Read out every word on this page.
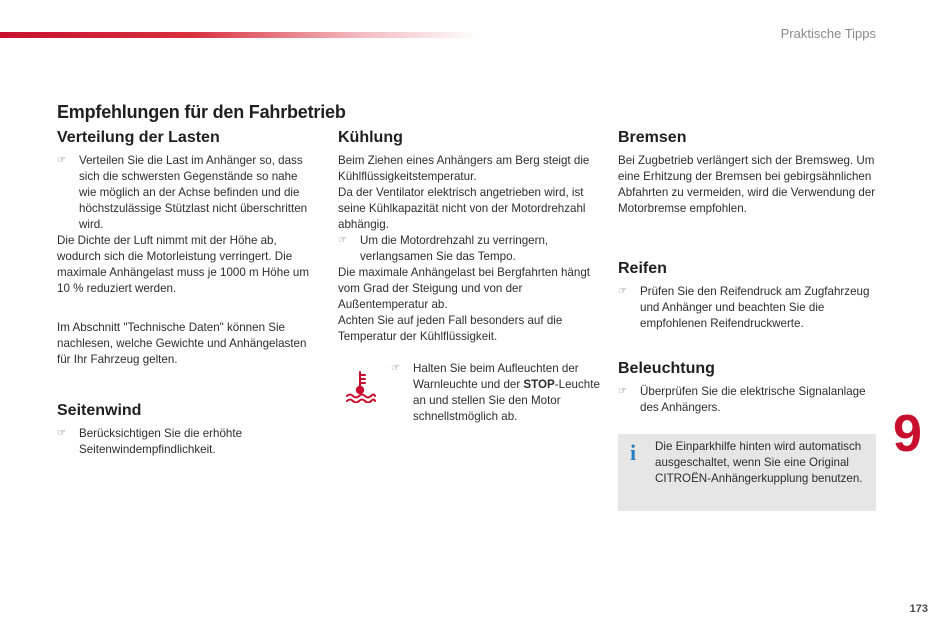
Praktische Tipps
Empfehlungen für den Fahrbetrieb
Verteilung der Lasten
☞ Verteilen Sie die Last im Anhänger so, dass sich die schwersten Gegenstände so nahe wie möglich an der Achse befinden und die höchstzulässige Stützlast nicht überschritten wird.

Die Dichte der Luft nimmt mit der Höhe ab, wodurch sich die Motorleistung verringert. Die maximale Anhängelast muss je 1000 m Höhe um 10 % reduziert werden.

Im Abschnitt "Technische Daten" können Sie nachlesen, welche Gewichte und Anhängelasten für Ihr Fahrzeug gelten.

Seitenwind
☞ Berücksichtigen Sie die erhöhte Seitenwindempfindlichkeit.
Kühlung

Beim Ziehen eines Anhängers am Berg steigt die Kühlflüssigkeitstemperatur.

Da der Ventilator elektrisch angetrieben wird, ist seine Kühlkapazität nicht von der Motordrehzahl abhängig.

☞ Um die Motordrehzahl zu verringern, verlangsamen Sie das Tempo.

Die maximale Anhängelast bei Bergfahrten hängt vom Grad der Steigung und von der Außentemperatur ab.

Achten Sie auf jeden Fall besonders auf die Temperatur der Kühlflüssigkeit.

☞ Halten Sie beim Aufleuchten der Warnleuchte und der STOP-Leuchte an und stellen Sie den Motor schnellstmöglich ab.
Bremsen

Bei Zugbetrieb verlängert sich der Bremsweg. Um eine Erhitzung der Bremsen bei gebirgsähnlichen Abfahrten zu vermeiden, wird die Verwendung der Motorbremse empfohlen.

Reifen
☞ Prüfen Sie den Reifendruck am Zugfahrzeug und Anhänger und beachten Sie die empfohlenen Reifendruckwerte.
Beleuchtung
☞ Überprüfen Sie die elektrische Signalanlage des Anhängers.
i Die Einparkhilfe hinten wird automatisch ausgeschaltet, wenn Sie eine Original CITROËN-Anhängerkupplung benutzen.
9
173
